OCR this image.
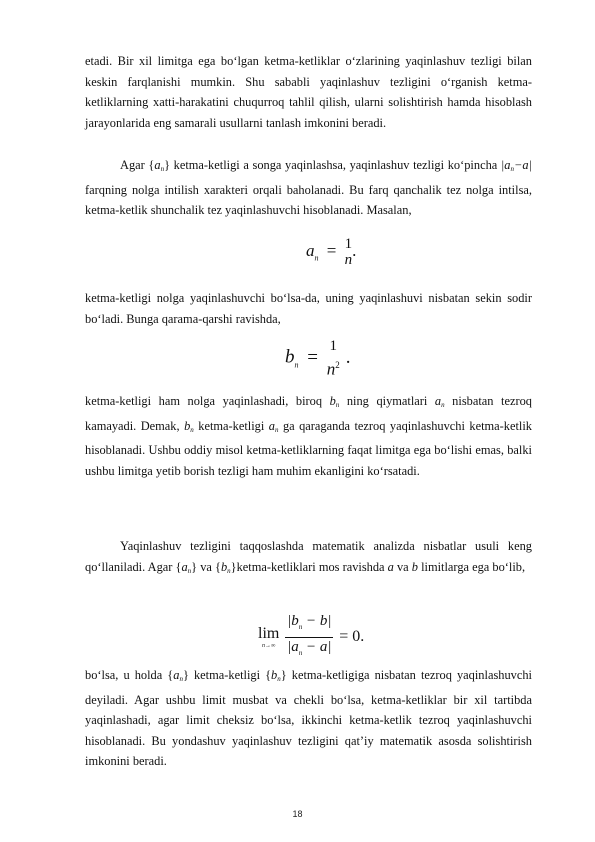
etadi. Bir xil limitga ega bo‘lgan ketma-ketliklar o‘zlarining yaqinlashuv tezligi bilan keskin farqlanishi mumkin. Shu sababli yaqinlashuv tezligini o‘rganish ketma-ketliklarning xatti-harakatini chuqurroq tahlil qilish, ularni solishtirish hamda hisoblash jarayonlarida eng samarali usullarni tanlash imkonini beradi.

Agar $\{a_n\}$ ketma-ketligi a songa yaqinlashsa, yaqinlashuv tezligi ko‘pincha $|a_n-a|$ farqning nolga intilish xarakteri orqali baholanadi. Bu farq qanchalik tez nolga intilsa, ketma-ketlik shunchalik tez yaqinlashuvchi hisoblanadi. Masalan,

$a_n = 1$
n
.

ketma-ketligi nolga yaqinlashuvchi bo‘lsa-da, uning yaqinlashuvi nisbatan sekin sodir bo‘ladi. Bunga qarama-qarshi ravishda,

$b_n$ =
1
$n^2$ .

ketma-ketligi ham nolga yaqinlashadi, biroq $b_n$ ning qiymatlari $a_n$ nisbatan tezroq kamayadi. Demak, $b_n$ ketma-ketligi $a_n$ ga qaraganda tezroq yaqinlashuvchi ketma-ketlik hisoblanadi. Ushbu oddiy misol ketma-ketliklarning faqat limitga ega bo‘lishi emas, balki ushbu limitga yetib borish tezligi ham muhim ekanligini ko‘rsatadi.

Yaqinlashuv tezligini taqqoslashda matematik analizda nisbatlar usuli keng qo‘llaniladi. Agar $\{a_n\}$ va $\{b_n\}ketma$-ketliklari mos ravishda a va b limitlarga ega bo‘lib,

lim
n→∞
$\frac{|b_n - b|}{|a_n - a|} = 0$.

bo‘lsa, u holda $\{a_n\}$ ketma-ketligi $\{b_n\}$ ketma-ketligiga nisbatan tezroq yaqinlashuvchi deyiladi. Agar ushbu limit musbat va chekli bo‘lsa, ketma-ketliklar bir xil tartibda yaqinlashadi, agar limit cheksiz bo‘lsa, ikkinchi ketma-ketlik tezroq yaqinlashuvchi hisoblanadi. Bu yondashuv yaqinlashuv tezligini qat’iy matematik asosda solishtirish imkonini beradi.

18
